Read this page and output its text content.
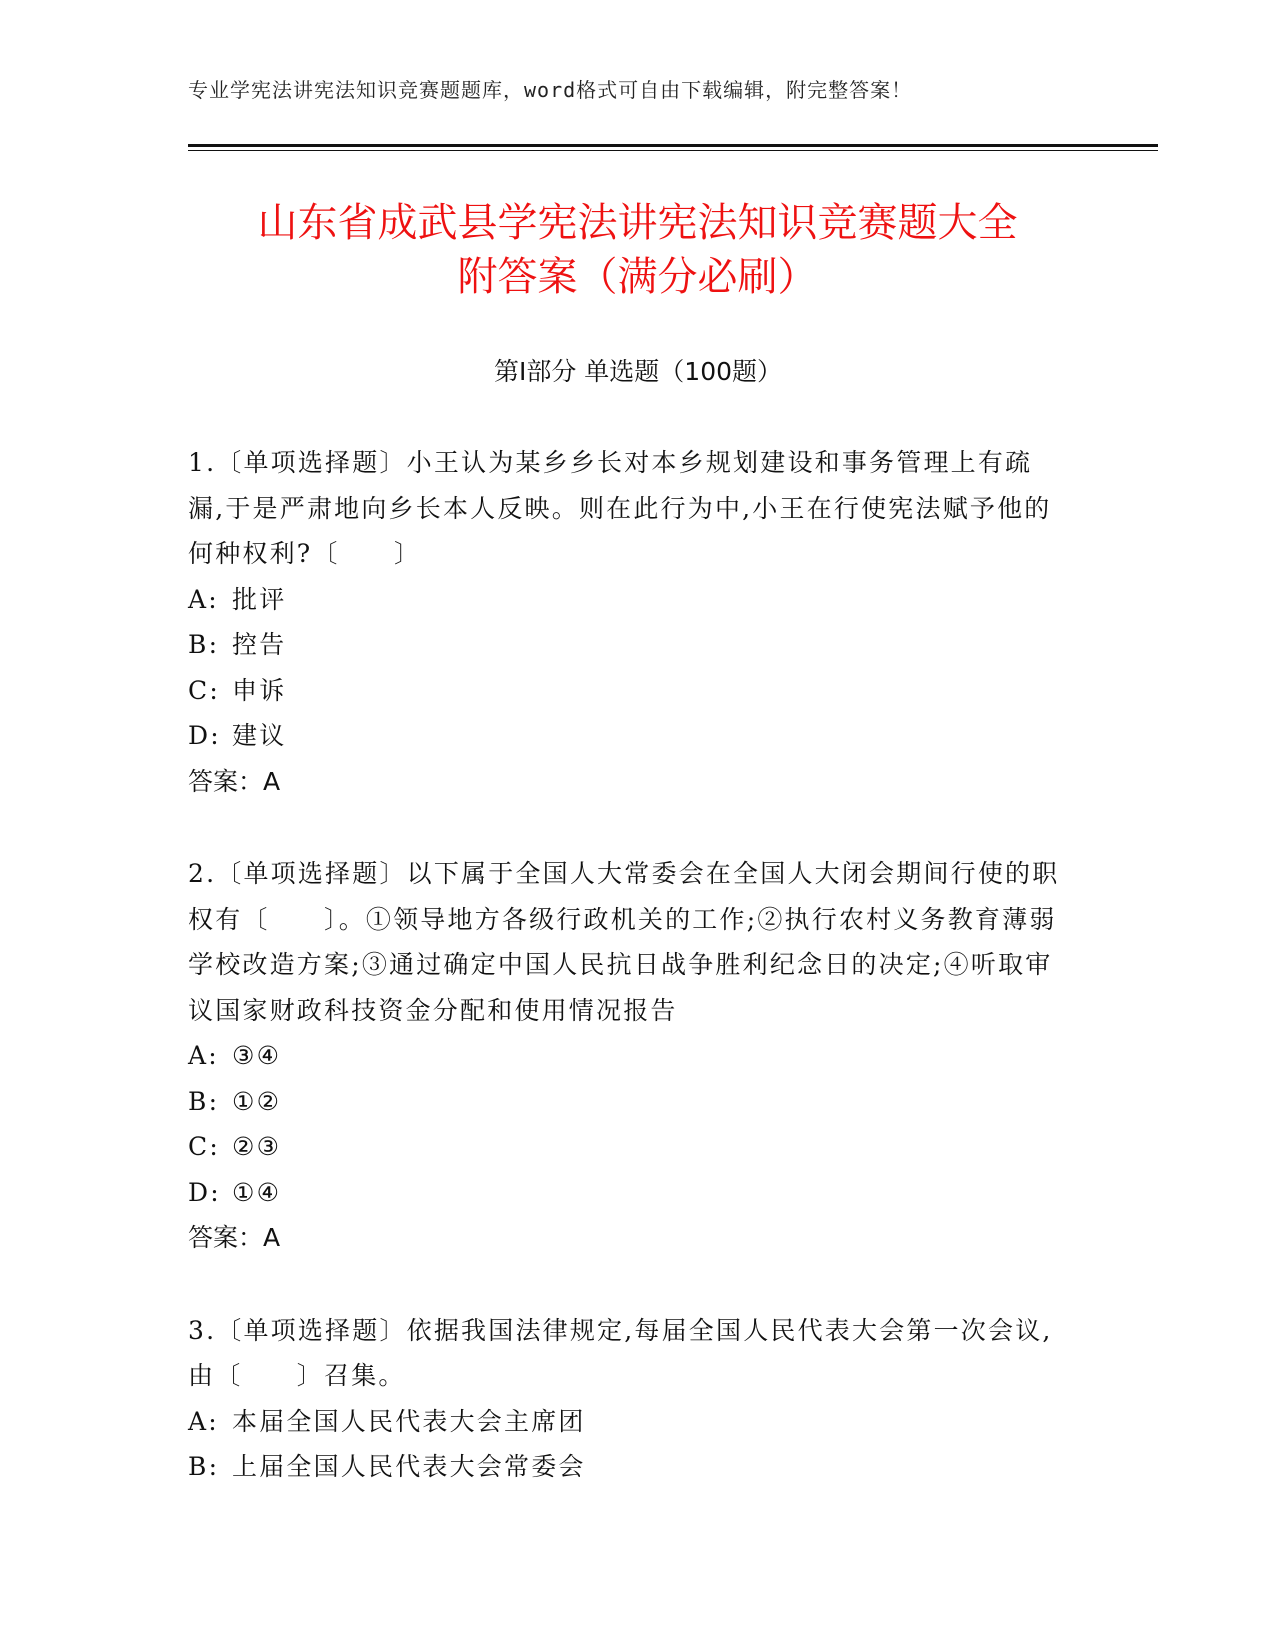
专业学宪法讲宪法知识竞赛题题库，word格式可自由下载编辑，附完整答案！
山东省成武县学宪法讲宪法知识竞赛题大全
附答案（满分必刷）
第Ⅰ部分 单选题（100题）

1.〔单项选择题〕小王认为某乡乡长对本乡规划建设和事务管理上有疏漏,于是严肃地向乡长本人反映。则在此行为中,小王在行使宪法赋予他的何种权利?〔　　〕

A: 批评

B: 控告

C: 申诉

D: 建议

答案：A

2.〔单项选择题〕以下属于全国人大常委会在全国人大闭会期间行使的职权有〔　　〕。①领导地方各级行政机关的工作;②执行农村义务教育薄弱学校改造方案;③通过确定中国人民抗日战争胜利纪念日的决定;④听取审议国家财政科技资金分配和使用情况报告

A: ③④

B: ①②

C: ②③

D: ①④

答案：A

3.〔单项选择题〕依据我国法律规定,每届全国人民代表大会第一次会议,由〔　　〕召集。

A: 本届全国人民代表大会主席团

B: 上届全国人民代表大会常委会
